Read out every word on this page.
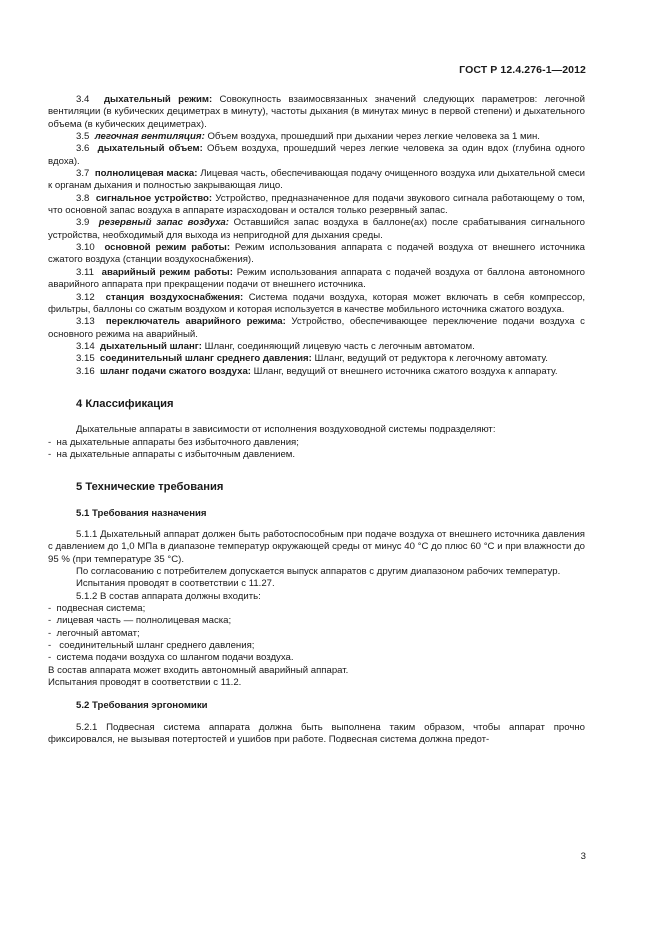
ГОСТ Р 12.4.276-1—2012

3.4 дыхательный режим: Совокупность взаимосвязанных значений следующих параметров: легочной вентиляции (в кубических дециметрах в минуту), частоты дыхания (в минутах минус в первой степени) и дыхательного объема (в кубических дециметрах).

3.5 легочная вентиляция: Объем воздуха, прошедший при дыхании через легкие человека за 1 мин.

3.6 дыхательный объем: Объем воздуха, прошедший через легкие человека за один вдох (глубина одного вдоха).

3.7 полнолицевая маска: Лицевая часть, обеспечивающая подачу очищенного воздуха или дыхательной смеси к органам дыхания и полностью закрывающая лицо.

3.8 сигнальное устройство: Устройство, предназначенное для подачи звукового сигнала работающему о том, что основной запас воздуха в аппарате израсходован и остался только резервный запас.

3.9 резервный запас воздуха: Оставшийся запас воздуха в баллоне(ах) после срабатывания сигнального устройства, необходимый для выхода из непригодной для дыхания среды.

3.10 основной режим работы: Режим использования аппарата с подачей воздуха от внешнего источника сжатого воздуха (станции воздухоснабжения).

3.11 аварийный режим работы: Режим использования аппарата с подачей воздуха от баллона автономного аварийного аппарата при прекращении подачи от внешнего источника.

3.12 станция воздухоснабжения: Система подачи воздуха, которая может включать в себя компрессор, фильтры, баллоны со сжатым воздухом и которая используется в качестве мобильного источника сжатого воздуха.

3.13 переключатель аварийного режима: Устройство, обеспечивающее переключение подачи воздуха с основного режима на аварийный.

3.14 дыхательный шланг: Шланг, соединяющий лицевую часть с легочным автоматом.

3.15 соединительный шланг среднего давления: Шланг, ведущий от редуктора к легочному автомату.

3.16 шланг подачи сжатого воздуха: Шланг, ведущий от внешнего источника сжатого воздуха к аппарату.

4 Классификация

Дыхательные аппараты в зависимости от исполнения воздуховодной системы подразделяют:

-  на дыхательные аппараты без избыточного давления;

-  на дыхательные аппараты с избыточным давлением.

5 Технические требования
5.1 Требования назначения

5.1.1 Дыхательный аппарат должен быть работоспособным при подаче воздуха от внешнего источника давления с давлением до 1,0 МПа в диапазоне температур окружающей среды от минус 40 °С до плюс 60 °С и при влажности до 95 % (при температуре 35 °С).

По согласованию с потребителем допускается выпуск аппаратов с другим диапазоном рабочих температур.

Испытания проводят в соответствии с 11.27.

5.1.2 В состав аппарата должны входить:

-  подвесная система;

-  лицевая часть — полнолицевая маска;

-  легочный автомат;

-   соединительный шланг среднего давления;

-  система подачи воздуха со шлангом подачи воздуха.

В состав аппарата может входить автономный аварийный аппарат.

Испытания проводят в соответствии с 11.2.

5.2 Требования эргономики

5.2.1 Подвесная система аппарата должна быть выполнена таким образом, чтобы аппарат прочно фиксировался, не вызывая потертостей и ушибов при работе. Подвесная система должна предот-

3
